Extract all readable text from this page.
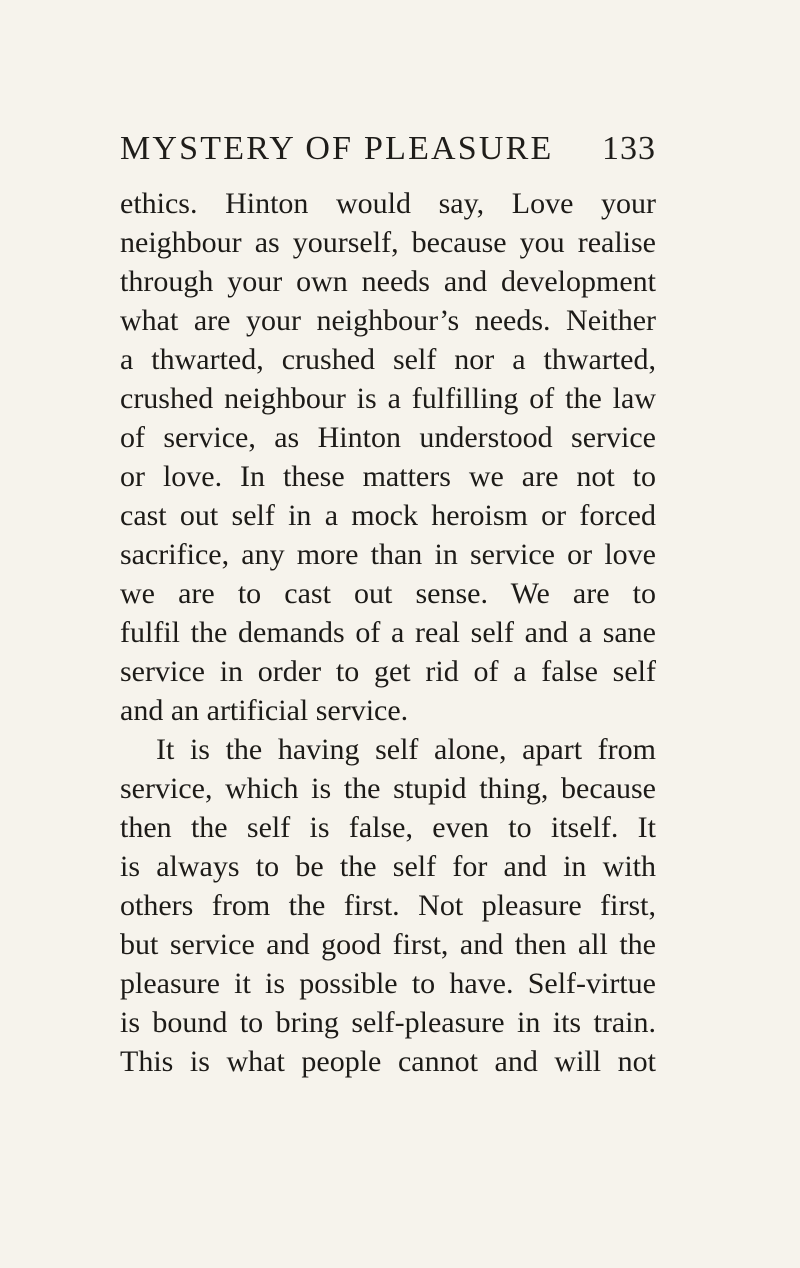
MYSTERY OF PLEASURE 133
ethics. Hinton would say, Love your
neighbour as yourself, because you realise
through your own needs and development
what are your neighbour’s needs. Neither
a thwarted, crushed self nor a thwarted,
crushed neighbour is a fulfilling of the law
of service, as Hinton understood service
or love. In these matters we are not to
cast out self in a mock heroism or forced
sacrifice, any more than in service or love
we are to cast out sense. We are to
fulfil the demands of a real self and a sane
service in order to get rid of a false self
and an artificial service.
It is the having self alone, apart from
service, which is the stupid thing, because
then the self is false, even to itself. It
is always to be the self for and in with
others from the first. Not pleasure first,
but service and good first, and then all the
pleasure it is possible to have. Self-virtue
is bound to bring self-pleasure in its train.
This is what people cannot and will not
